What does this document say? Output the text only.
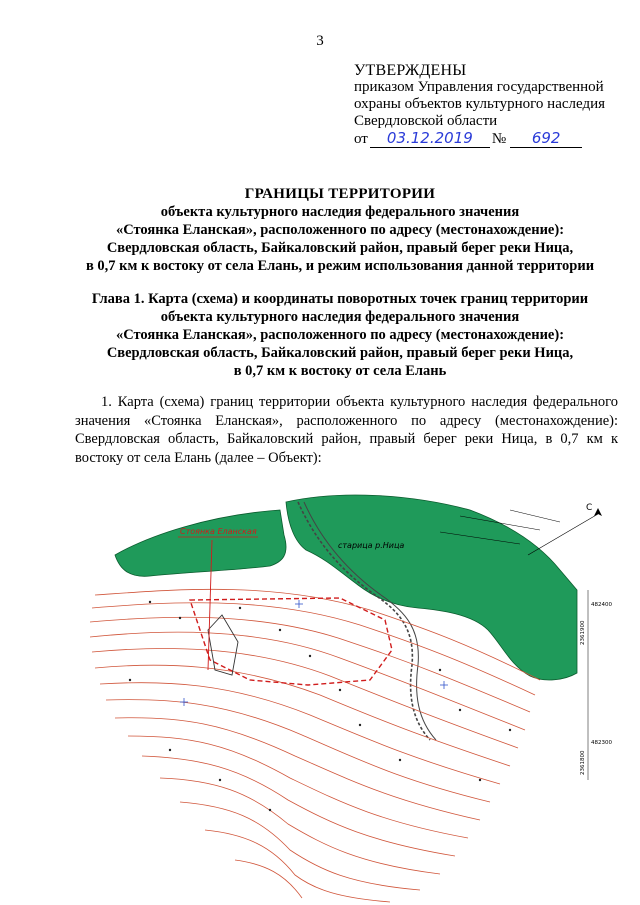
3
УТВЕРЖДЕНЫ
приказом Управления государственной
охраны объектов культурного наследия
Свердловской области
от	03.12.2019	№	692
ГРАНИЦЫ ТЕРРИТОРИИ
объекта культурного наследия федерального значения
«Стоянка Еланская», расположенного по адресу (местонахождение):
Свердловская область, Байкаловский район, правый берег реки Ница,
в 0,7 км к востоку от села Елань, и режим использования данной территории
Глава 1. Карта (схема) и координаты поворотных точек границ территории
объекта культурного наследия федерального значения
«Стоянка Еланская», расположенного по адресу (местонахождение):
Свердловская область, Байкаловский район, правый берег реки Ница,
в 0,7 км к востоку от села Елань
1. Карта (схема) границ территории объекта культурного наследия федерального значения «Стоянка Еланская», расположенного по адресу (местонахождение): Свердловская область, Байкаловский район, правый берег реки Ница, в 0,7 км к востоку от села Елань (далее – Объект):
Стоянка Еланская
старица р.Ница
482400
482300
2361900
2361800
С
